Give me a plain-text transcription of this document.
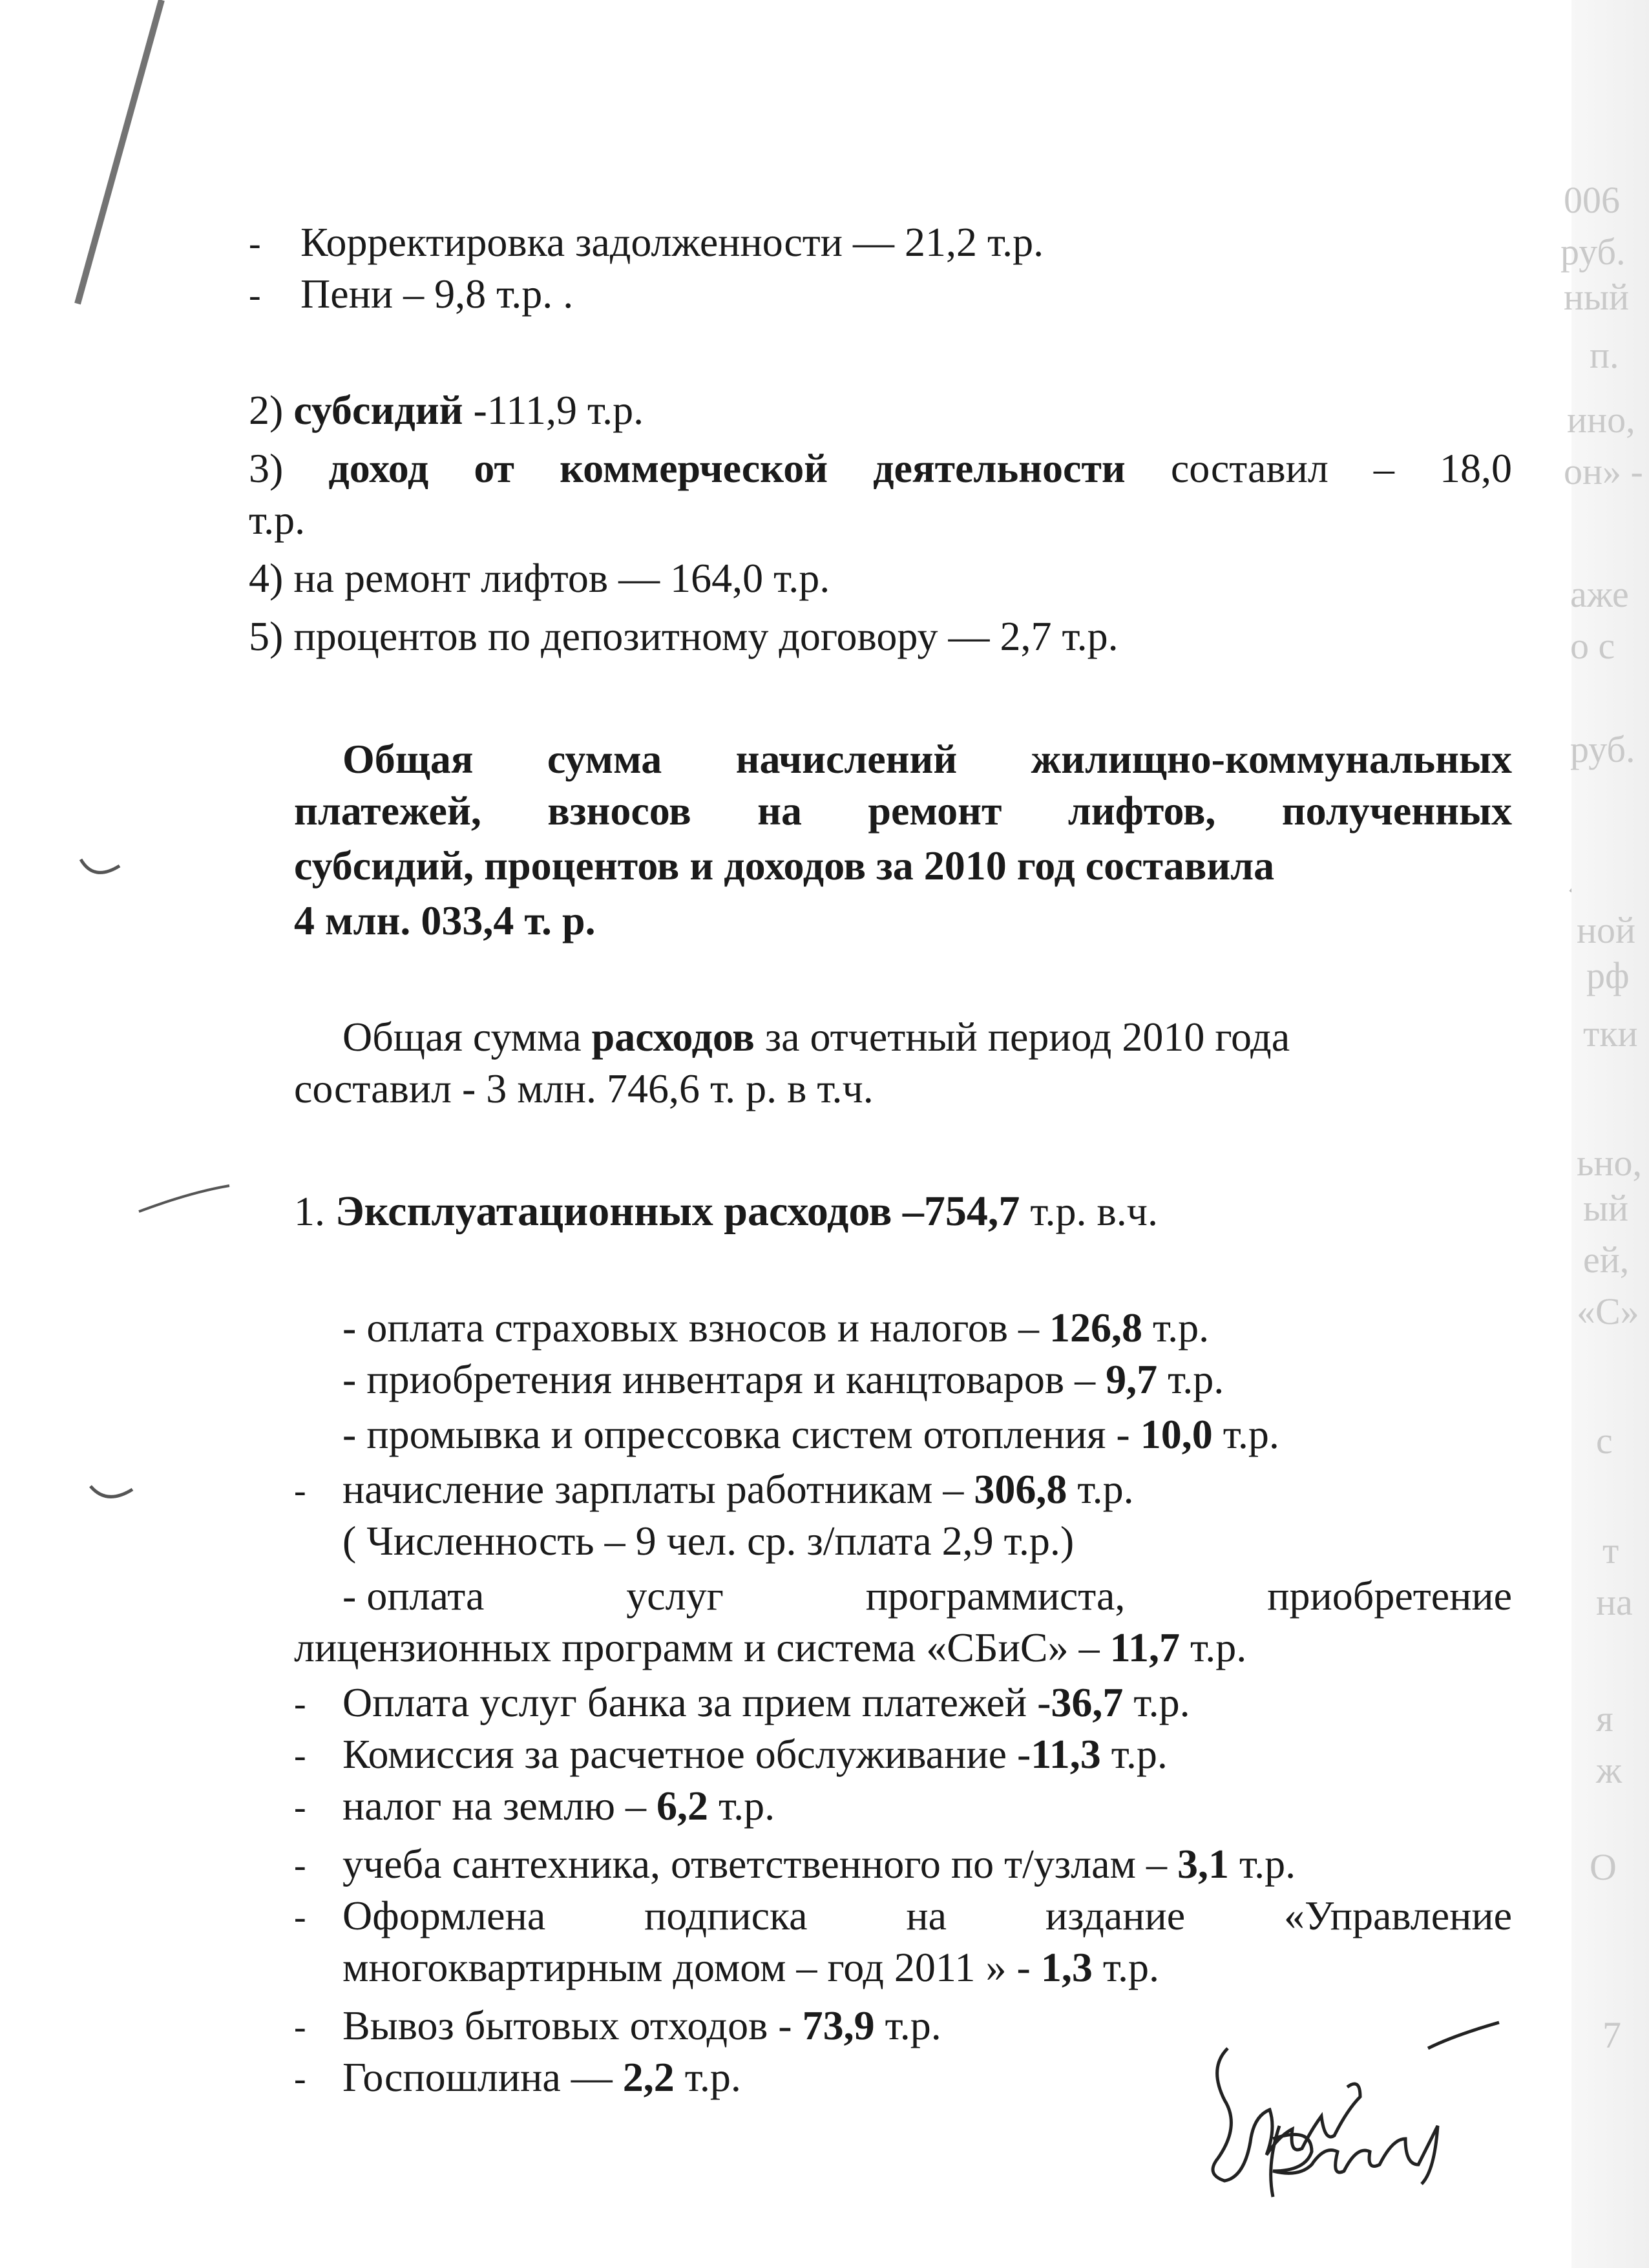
006
руб.
ный
п.
ино,
он» -
аже
о с
руб.
ной
рф
тки
ьно,
ый
ей,
«С»
с
т
на
я
ж
О
7
- Корректировка задолженности — 21,2 т.р.
- Пени – 9,8 т.р. .
2) субсидий -111,9 т.р.
3) доход от коммерческой деятельности составил – 18,0
т.р.
4) на ремонт лифтов — 164,0 т.р.
5) процентов по депозитному договору — 2,7 т.р.
Общая сумма начислений жилищно-коммунальных
платежей, взносов на ремонт лифтов, полученных
субсидий, процентов и доходов за 2010 год составила
4 млн. 033,4 т. р.
Общая сумма расходов за отчетный период 2010 года
составил - 3 млн. 746,6 т. р. в т.ч.
1. Эксплуатационных расходов –754,7 т.р. в.ч.
- оплата страховых взносов и налогов – 126,8 т.р.
- приобретения инвентаря и канцтоваров – 9,7 т.р.
- промывка и опрессовка систем отопления - 10,0 т.р.
- начисление зарплаты работникам – 306,8 т.р.
( Численность – 9 чел. ср. з/плата 2,9 т.р.)
- оплата	услуг	программиста,	приобретение
лицензионных программ и система «СБиС» – 11,7 т.р.
- Оплата услуг банка за прием платежей -36,7 т.р.
- Комиссия за расчетное обслуживание -11,3 т.р.
- налог на землю – 6,2 т.р.
- учеба сантехника, ответственного по т/узлам – 3,1 т.р.
- Оформлена подписка на издание «Управление
многоквартирным домом – год 2011 » - 1,3 т.р.
- Вывоз бытовых отходов - 73,9 т.р.
- Госпошлина — 2,2 т.р.
